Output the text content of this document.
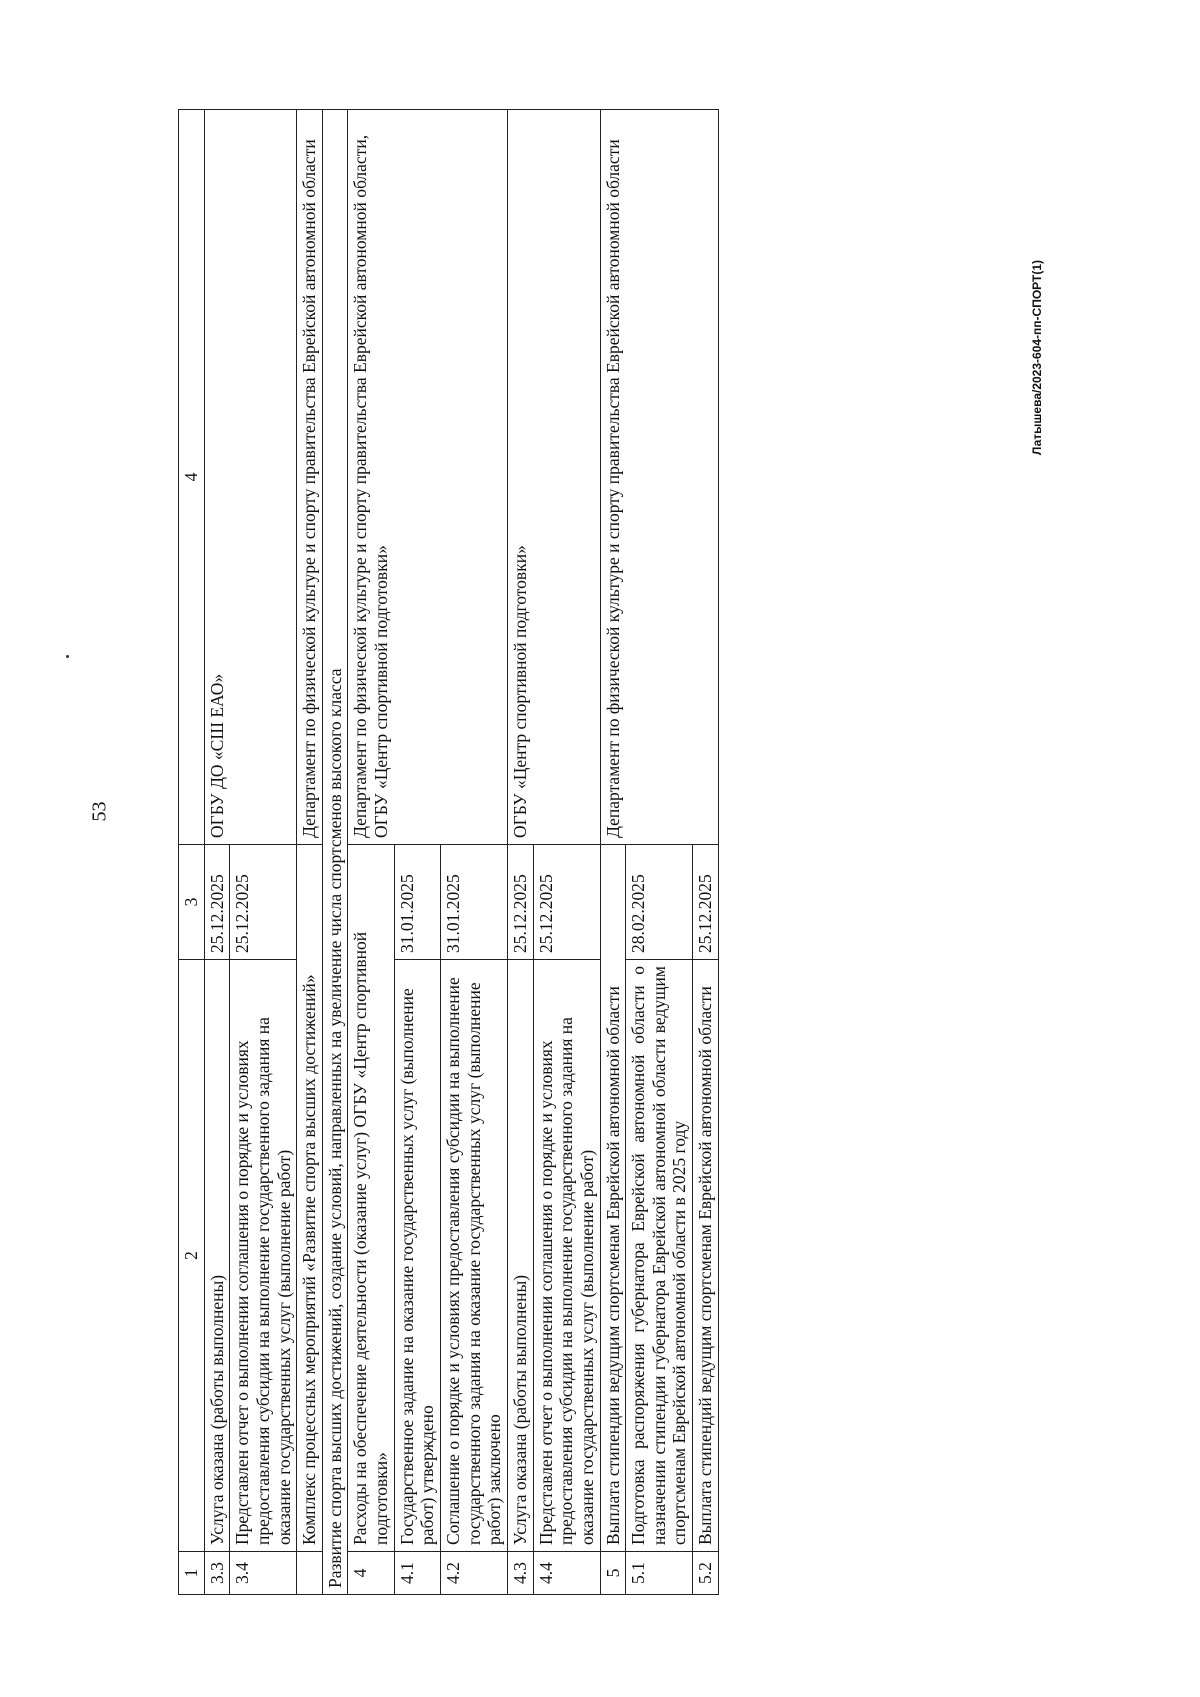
53
Латышева/2023-604-пп-СПОРТ(1)
1	2	3	4
3.3	Услуга оказана (работы выполнены)	25.12.2025	ОГБУ ДО «СШ ЕАО»
3.4	Представлен отчет о выполнении соглашения о порядке и условиях предоставления субсидии на выполнение государственного задания на оказание государственных услуг (выполнение работ)	25.12.2025	
	Комплекс процессных мероприятий «Развитие спорта высших достижений»		Департамент по физической культуре и спорту правительства Еврейской автономной области
Развитие спорта высших достижений, создание условий, направленных на увеличение числа спортсменов высокого класса			
4	Расходы на обеспечение деятельности (оказание услуг) ОГБУ «Центр спортивной подготовки»		Департамент по физической культуре и спорту правительства Еврейской автономной области, ОГБУ «Центр спортивной подготовки»
4.1	Государственное задание на оказание государственных услуг (выполнение работ) утверждено	31.01.2025	
4.2	Соглашение о порядке и условиях предоставления субсидии на выполнение государственного задания на оказание государственных услуг (выполнение работ) заключено	31.01.2025	
4.3	Услуга оказана (работы выполнены)	25.12.2025	ОГБУ «Центр спортивной подготовки»
4.4	Представлен отчет о выполнении соглашения о порядке и условиях предоставления субсидии на выполнение государственного задания на оказание государственных услуг (выполнение работ)	25.12.2025	
5	Выплата стипендии ведущим спортсменам Еврейской автономной области		Департамент по физической культуре и спорту правительства Еврейской автономной области
5.1	Подготовка распоряжения губернатора Еврейской автономной области о назначении стипендии губернатора Еврейской автономной области ведущим спортсменам Еврейской автономной области в 2025 году	28.02.2025	
5.2	Выплата стипендий ведущим спортсменам Еврейской автономной области	25.12.2025	
